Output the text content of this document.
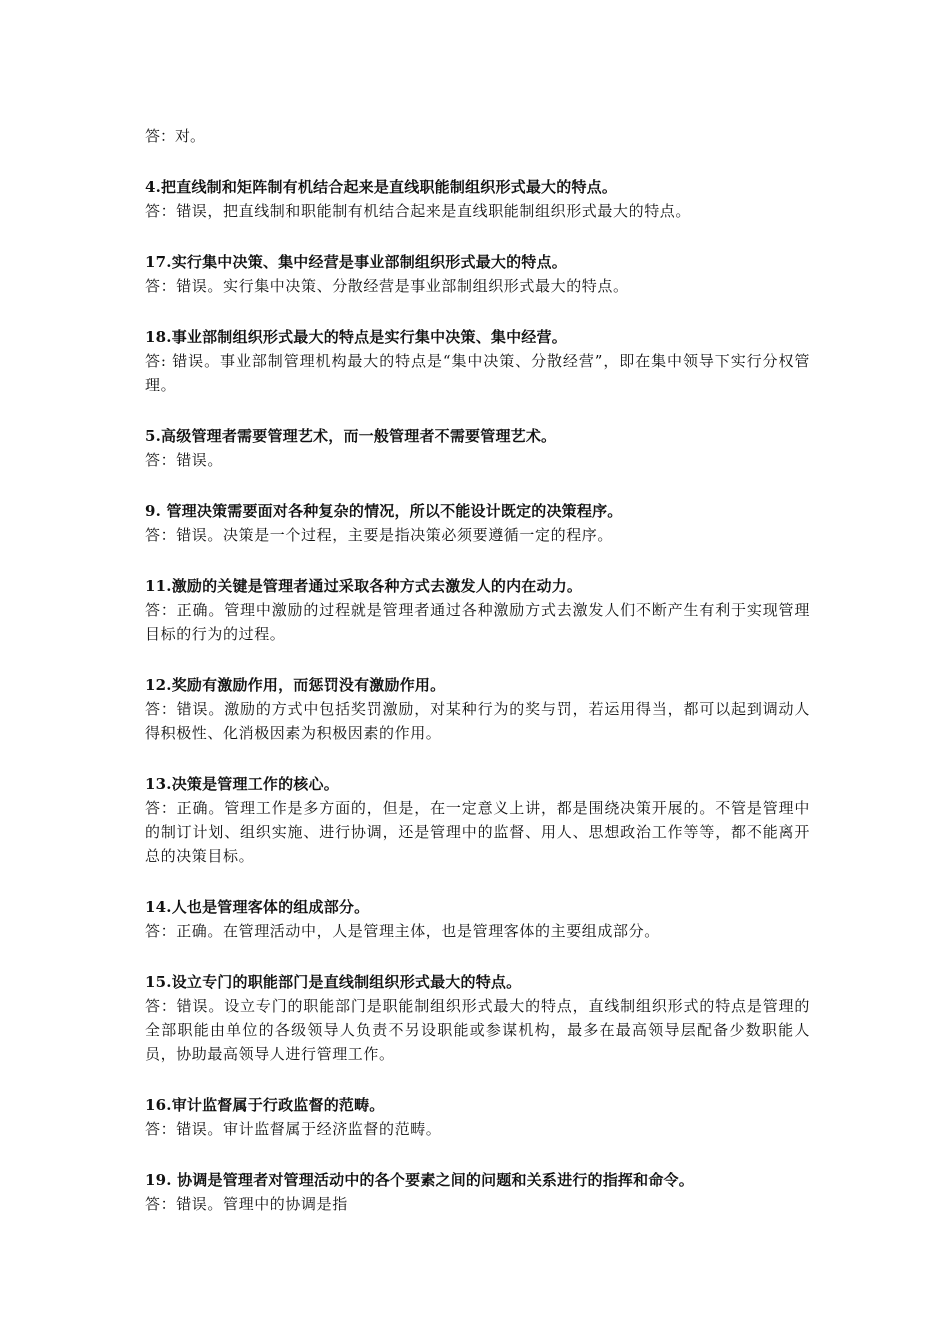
答：对。

4.把直线制和矩阵制有机结合起来是直线职能制组织形式最大的特点。

答：错误，把直线制和职能制有机结合起来是直线职能制组织形式最大的特点。

17.实行集中决策、集中经营是事业部制组织形式最大的特点。

答：错误。实行集中决策、分散经营是事业部制组织形式最大的特点。

18.事业部制组织形式最大的特点是实行集中决策、集中经营。

答: 错误。事业部制管理机构最大的特点是“集中决策、分散经营”，即在集中领导下实行分权管理。

5.高级管理者需要管理艺术，而一般管理者不需要管理艺术。

答：错误。

9. 管理决策需要面对各种复杂的情况，所以不能设计既定的决策程序。

答：错误。决策是一个过程，主要是指决策必须要遵循一定的程序。

11.激励的关键是管理者通过采取各种方式去激发人的内在动力。

答：正确。管理中激励的过程就是管理者通过各种激励方式去激发人们不断产生有利于实现管理目标的行为的过程。

12.奖励有激励作用，而惩罚没有激励作用。

答：错误。激励的方式中包括奖罚激励，对某种行为的奖与罚，若运用得当，都可以起到调动人得积极性、化消极因素为积极因素的作用。

13.决策是管理工作的核心。

答：正确。管理工作是多方面的，但是，在一定意义上讲，都是围绕决策开展的。不管是管理中的制订计划、组织实施、进行协调，还是管理中的监督、用人、思想政治工作等等，都不能离开总的决策目标。

14.人也是管理客体的组成部分。

答：正确。在管理活动中，人是管理主体，也是管理客体的主要组成部分。

15.设立专门的职能部门是直线制组织形式最大的特点。

答：错误。设立专门的职能部门是职能制组织形式最大的特点，直线制组织形式的特点是管理的全部职能由单位的各级领导人负责不另设职能或参谋机构，最多在最高领导层配备少数职能人员，协助最高领导人进行管理工作。

16.审计监督属于行政监督的范畴。

答：错误。审计监督属于经济监督的范畴。

19. 协调是管理者对管理活动中的各个要素之间的问题和关系进行的指挥和命令。

答：错误。管理中的协调是指
